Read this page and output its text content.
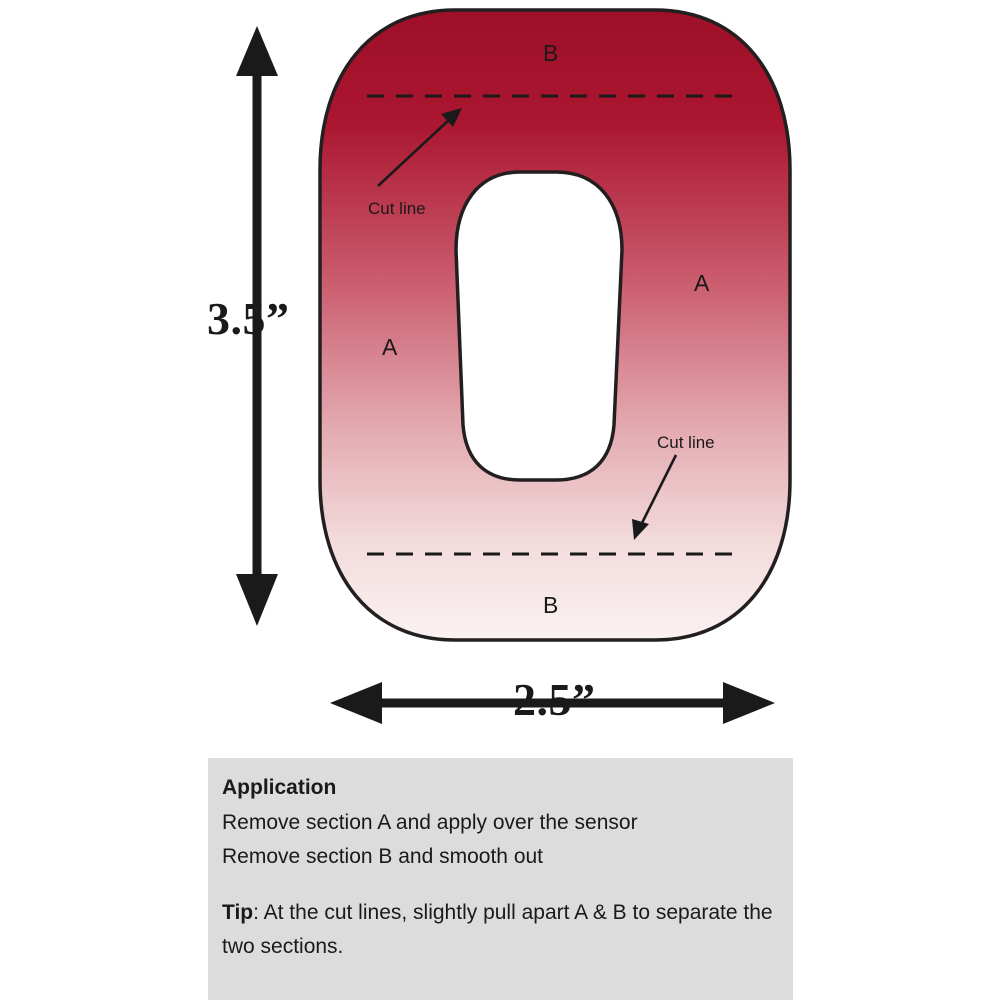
B
A
A
B
Cut line
Cut line
3.5”
2.5”
Application
Remove section A and apply over the sensor
Remove section B and smooth out
Tip: At the cut lines, slightly pull apart A & B to separate the two sections.
